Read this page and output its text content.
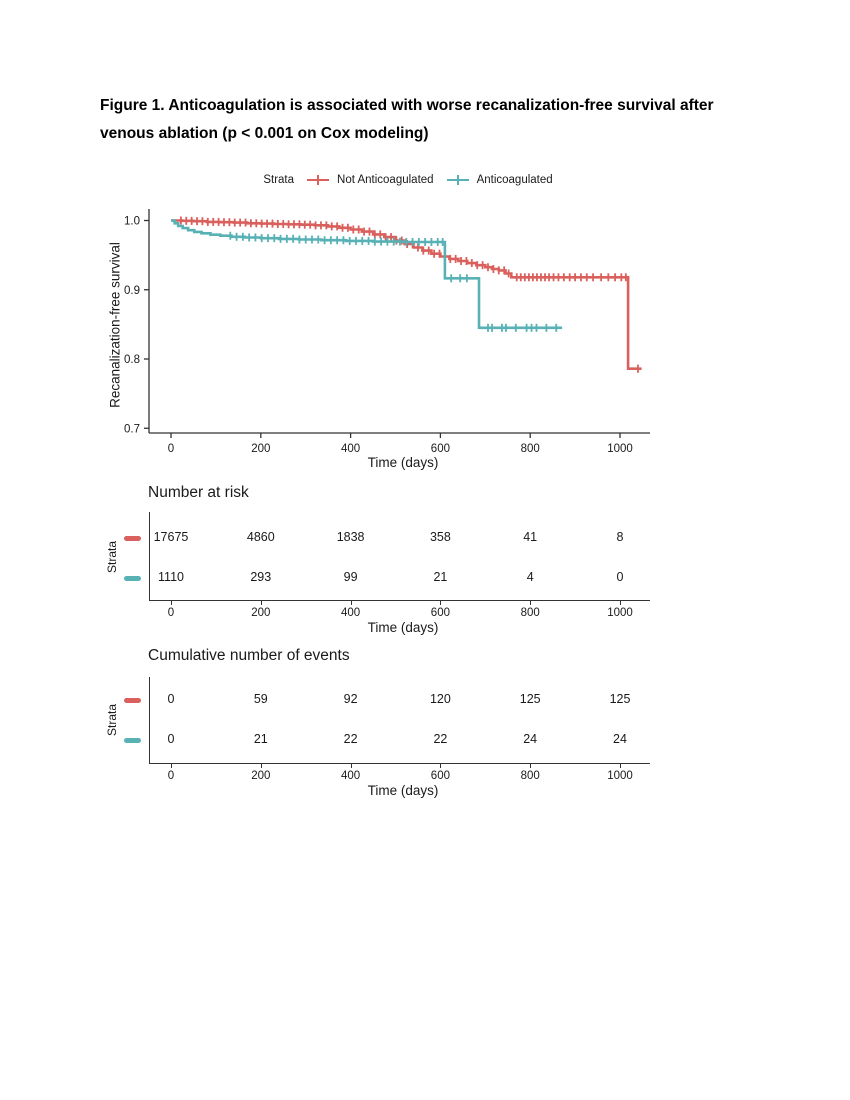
Figure 1. Anticoagulation is associated with worse recanalization-free survival after
venous ablation (p < 0.001 on Cox modeling)
Strata	Not Anticoagulated	Anticoagulated
Recanalization-free survival
1.0
0.9
0.8
0.7
0	200	400	600	800	1000
Time (days)
Number at risk
Strata
0	200	400	600	800	1000
17675	4860	1838	358	41	8
1110	293	99	21	4	0
Time (days)
Cumulative number of events
Strata
0	200	400	600	800	1000
0	59	92	120	125	125
0	21	22	22	24	24
Time (days)
